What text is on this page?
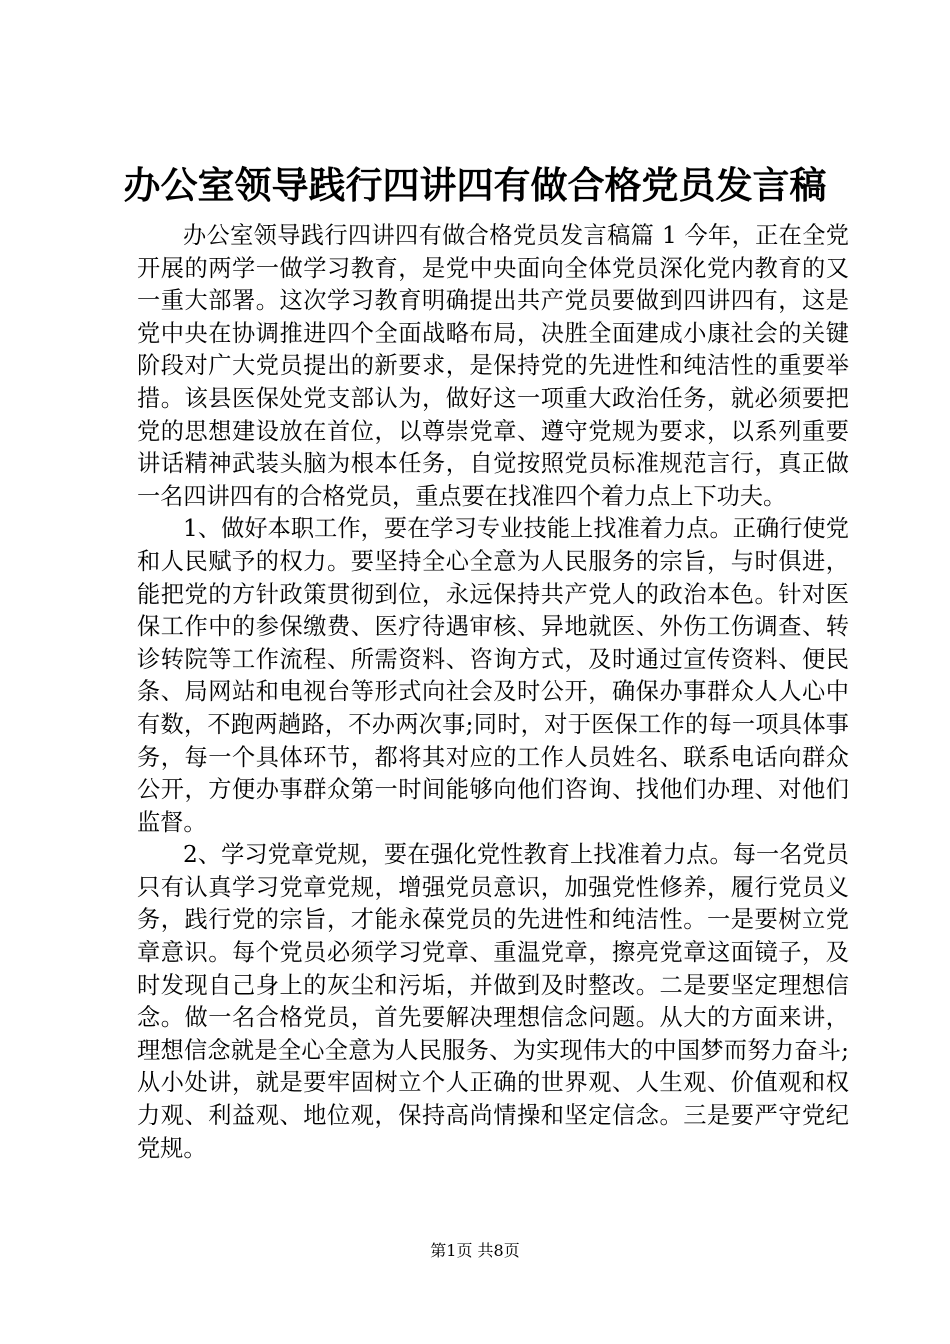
办公室领导践行四讲四有做合格党员发言稿

办公室领导践行四讲四有做合格党员发言稿篇 1 今年，正在全党开展的两学一做学习教育，是党中央面向全体党员深化党内教育的又一重大部署。这次学习教育明确提出共产党员要做到四讲四有，这是党中央在协调推进四个全面战略布局，决胜全面建成小康社会的关键阶段对广大党员提出的新要求，是保持党的先进性和纯洁性的重要举措。该县医保处党支部认为，做好这一项重大政治任务，就必须要把党的思想建设放在首位，以尊崇党章、遵守党规为要求，以系列重要讲话精神武装头脑为根本任务，自觉按照党员标准规范言行，真正做一名四讲四有的合格党员，重点要在找准四个着力点上下功夫。

1、做好本职工作，要在学习专业技能上找准着力点。正确行使党和人民赋予的权力。要坚持全心全意为人民服务的宗旨，与时俱进，能把党的方针政策贯彻到位，永远保持共产党人的政治本色。针对医保工作中的参保缴费、医疗待遇审核、异地就医、外伤工伤调查、转诊转院等工作流程、所需资料、咨询方式，及时通过宣传资料、便民条、局网站和电视台等形式向社会及时公开，确保办事群众人人心中有数，不跑两趟路，不办两次事;同时，对于医保工作的每一项具体事务，每一个具体环节，都将其对应的工作人员姓名、联系电话向群众公开，方便办事群众第一时间能够向他们咨询、找他们办理、对他们监督。

2、学习党章党规，要在强化党性教育上找准着力点。每一名党员只有认真学习党章党规，增强党员意识，加强党性修养，履行党员义务，践行党的宗旨，才能永葆党员的先进性和纯洁性。一是要树立党章意识。每个党员必须学习党章、重温党章，擦亮党章这面镜子，及时发现自己身上的灰尘和污垢，并做到及时整改。二是要坚定理想信念。做一名合格党员，首先要解决理想信念问题。从大的方面来讲，理想信念就是全心全意为人民服务、为实现伟大的中国梦而努力奋斗;从小处讲，就是要牢固树立个人正确的世界观、人生观、价值观和权力观、利益观、地位观，保持高尚情操和坚定信念。三是要严守党纪党规。

第1页 共8页
